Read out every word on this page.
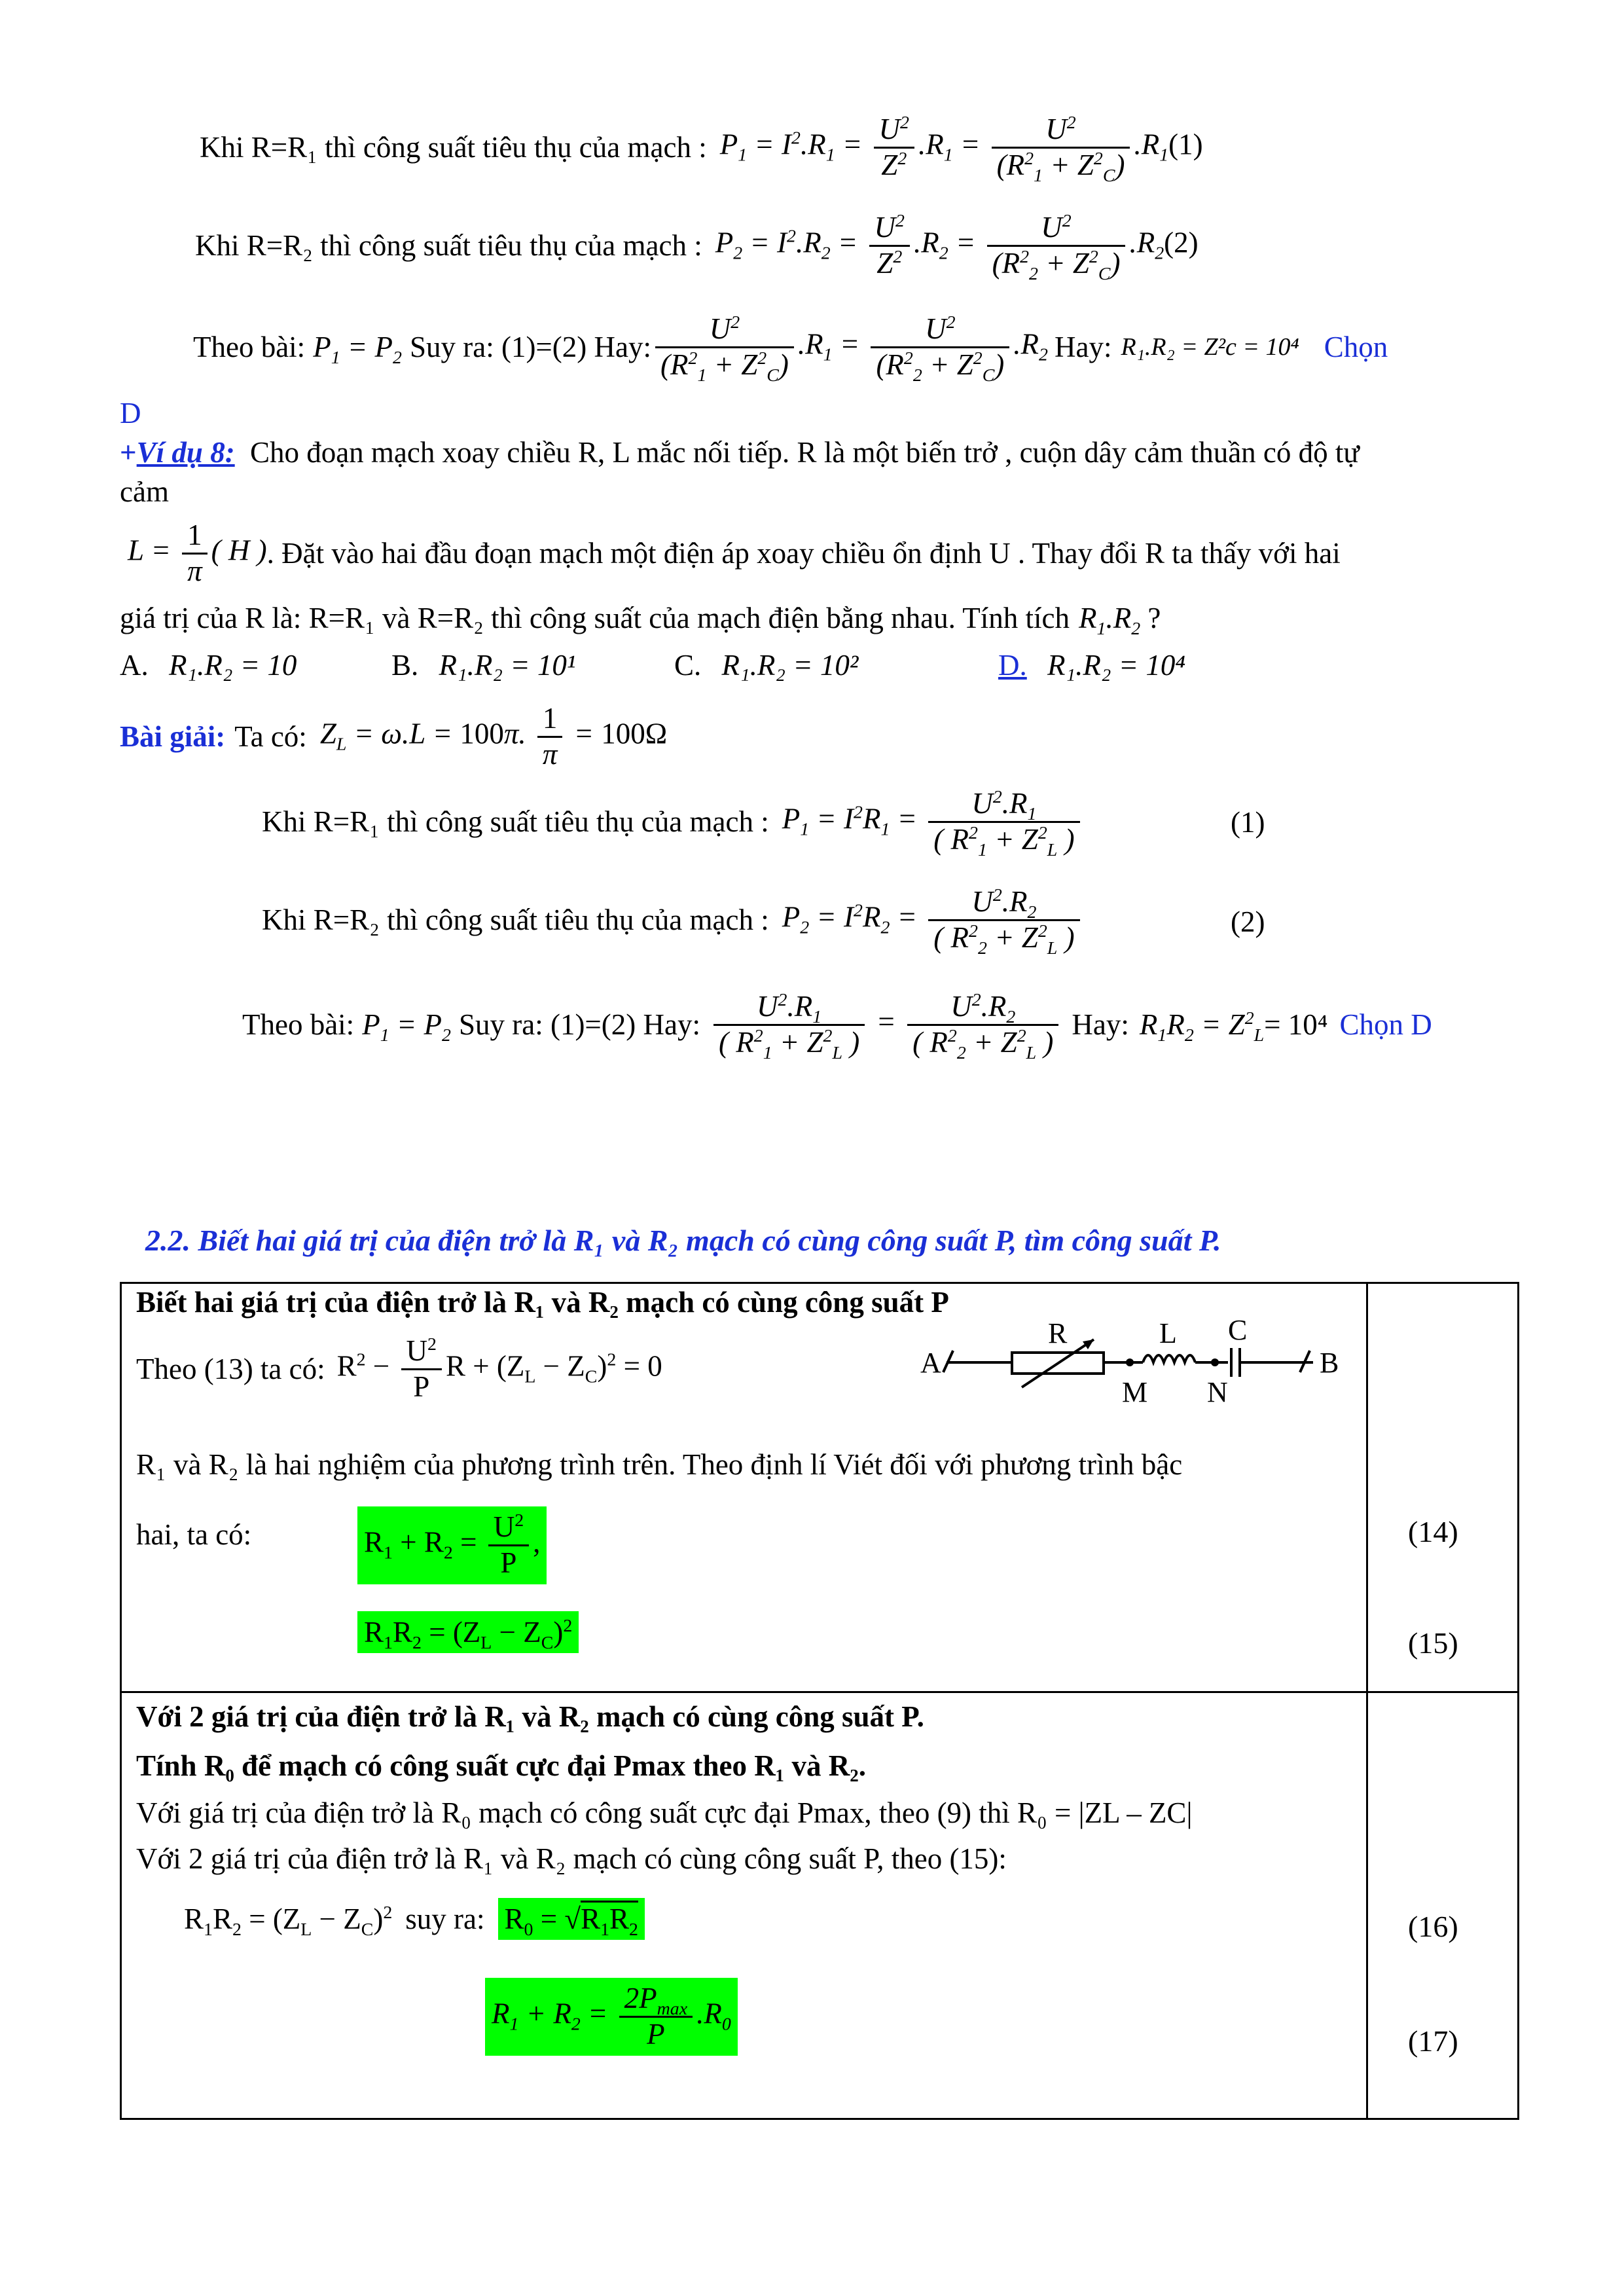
Khi R=R₁ thì công suất tiêu thụ của mạch : $P_1 = I^2.R_1 = \frac{U^2}{Z^2} .R_1 = \frac{U^2}{(R^2_1 + Z^2_C)} .R_1(1)$
Khi R=R₂ thì công suất tiêu thụ của mạch : $P_2 = I^2.R_2 = \frac{U^2}{Z^2} .R_2 = \frac{U^2}{(R^2_2 + Z^2_C)} .R_2(2)$
Theo bài: $P_1 = P_2$ Suy ra: (1)=(2) Hay: $\frac{U^2}{(R^2_1 + Z^2_C)} .R_1 = \frac{U^2}{(R^2_2 + Z^2_C)} .R_2$ Hay: R₁.R₂ = Z²c = 10⁴ Chọn
D
+Ví dụ 8: Cho đoạn mạch xoay chiều R, L mắc nối tiếp. R là một biến trở , cuộn dây cảm thuần có độ tự
cảm
$L = \frac{1}{\pi}$ ( H ) . Đặt vào hai đầu đoạn mạch một điện áp xoay chiều ổn định U . Thay đổi R ta thấy với hai
giá trị của R là: R=R₁ và R=R₂ thì công suất của mạch điện bằng nhau. Tính tích $R_1.R_2$ ?
A. R₁.R₂ = 10	B. R₁.R₂ = 10¹	C. R₁.R₂ = 10²	D. R₁.R₂ = 10⁴
Bài giải: Ta có: $Z_L = \omega.L = 100\pi$. $\frac{1}{\pi} = 100\Omega$
Khi R=R₁ thì công suất tiêu thụ của mạch : $P_1 = I^2R_1 = \frac{U^2.R_1}{( R^2_1 + Z^2_L )}$	(1)
Khi R=R₂ thì công suất tiêu thụ của mạch : $P_2 = I^2R_2 = \frac{U^2.R_2}{( R^2_2 + Z^2_L )}$	(2)
Theo bài: $P_1 = P_2$ Suy ra: (1)=(2) Hay: $\frac{U^2.R_1}{( R^2_1 + Z^2_L )} = \frac{U^2.R_2}{( R^2_2 + Z^2_L )}$ Hay: $R_1R_2 = Z^2_L = 10^4$ Chọn D
2.2. Biết hai giá trị của điện trở là R₁ và R₂ mạch có cùng công suất P, tìm công suất P.
Biết hai giá trị của điện trở là R₁ và R₂ mạch có cùng công suất P
Theo (13) ta có: $R^2 - \frac{U^2}{P}$ $R + (Z_L - Z_C)^2 = 0$	A	B
R	L C
M N
R₁ và R₂ là hai nghiệm của phương trình trên. Theo định lí Viét đối với phương trình bậc
hai, ta có:	$R_1 + R_2 = \frac{U^2}{P}$ ,
$R_1R_2 = (Z_L - Z_C)^2$
(14)
(15)
Với 2 giá trị của điện trở là R₁ và R₂ mạch có cùng công suất P.
Tính R₀ để mạch có công suất cực đại Pmax theo R₁ và R₂.
Với giá trị của điện trở là R₀ mạch có công suất cực đại Pmax, theo (9) thì R₀ = |ZL – ZC|
Với 2 giá trị của điện trở là R₁ và R₂ mạch có cùng công suất P, theo (15):
$R_1R_2 = (Z_L - Z_C)^2$ suy ra: $R_0 = √R_1R_2$
$R_1 + R_2 = 2P_{max}$
P
$.R_0$
(16)
(17)
